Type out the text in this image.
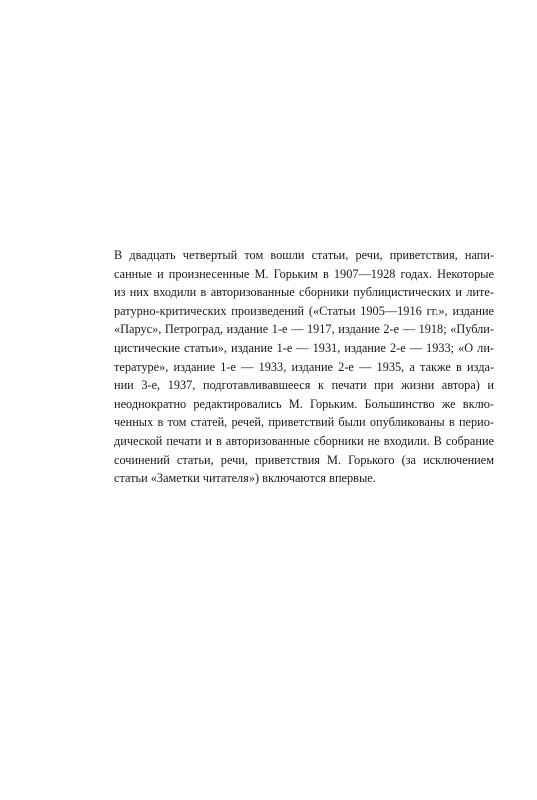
В двадцать четвертый том вошли статьи, речи, приветствия, напи-
санные и произнесенные М. Горьким в 1907—1928 годах. Некоторые
из них входили в авторизованные сборники публицистических и лите-
ратурно-критических произведений («Статьи 1905—1916 гг.», издание
«Парус», Петроград, издание 1-е — 1917, издание 2-е — 1918; «Публи-
цистические статьи», издание 1-е — 1931, издание 2-е — 1933; «О ли-
тературе», издание 1-е — 1933, издание 2-е — 1935, а также в изда-
нии 3-е, 1937, подготавливавшееся к печати при жизни автора) и
неоднократно редактировались М. Горьким. Большинство же вклю-
ченных в том статей, речей, приветствий были опубликованы в перио-
дической печати и в авторизованные сборники не входили. В собрание
сочинений статьи, речи, приветствия М. Горького (за исключением
статьи «Заметки читателя») включаются впервые.
